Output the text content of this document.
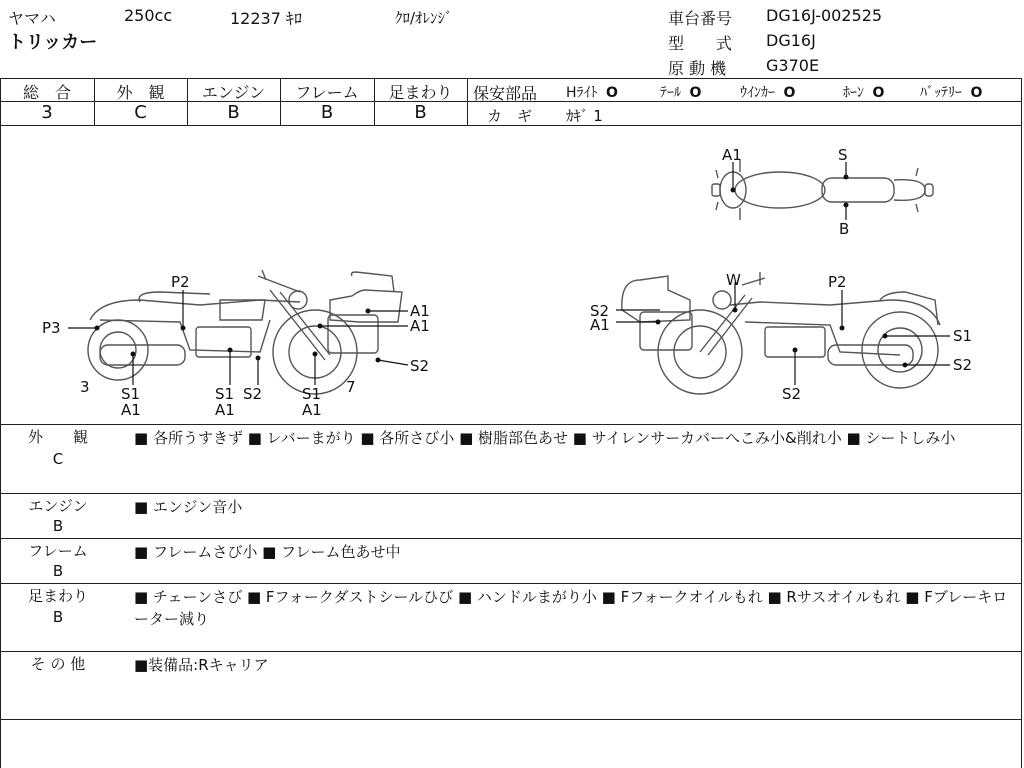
ヤマハ	250cc	12237 ｷﾛ	ｸﾛ/ｵﾚﾝｼﾞ
トリッカー
車台番号 DG16J-002525
型　　式 DG16J
原 動 機 G370E
総　合
3
外　観
C
エンジン
B
フレーム
B
足まわり
B
保安部品 Hﾗｲﾄ O	ﾃｰﾙ O	ｳｲﾝｶｰ O	ﾎｰﾝ O	ﾊﾞｯﾃﾘｰ O
カ　ギ ｶｷﾞ 1
A1	S
B
P2
A1
A1
P3
S2
3	7
S1
A1
S1 S2
A1
S1
A1
W	P2
S2
A1
S1
S2
S2
外　　観
C
■ 各所うすきず ■ レバーまがり ■ 各所さび小 ■ 樹脂部色あせ ■ サイレンサーカバーへこみ小&削れ小 ■ シートしみ小
エンジン
B
■ エンジン音小
フレーム
B
■ フレームさび小 ■ フレーム色あせ中
足まわり
B
■ チェーンさび ■ Fフォークダストシールひび ■ ハンドルまがり小 ■ Fフォークオイルもれ ■ Rサスオイルもれ ■ Fブレーキローター減り
そ の 他	■装備品:Rキャリア
